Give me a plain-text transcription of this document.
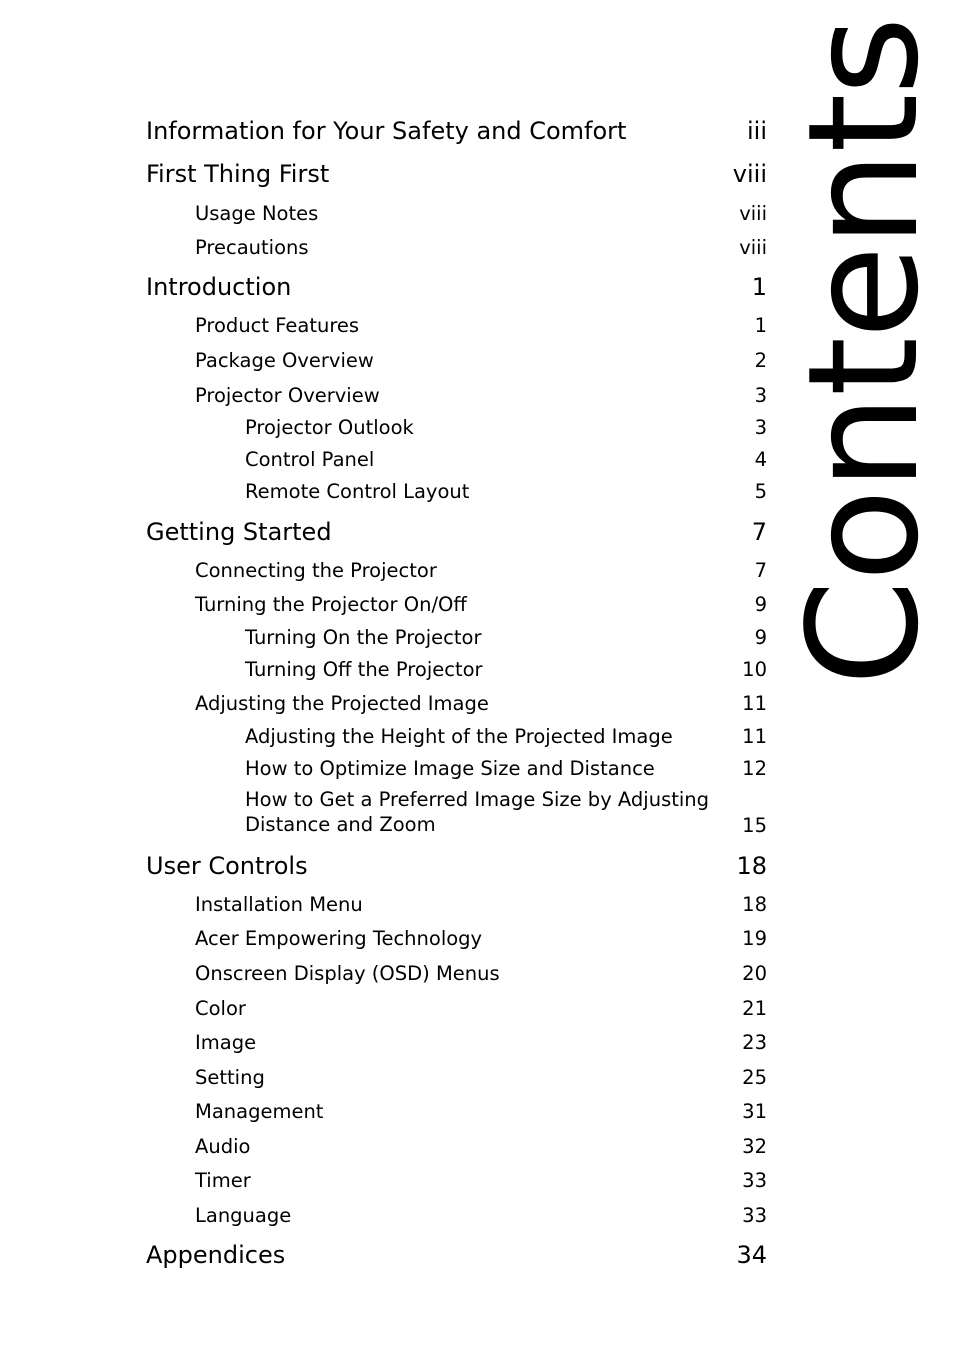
Information for Your Safety and Comfort	iii
First Thing First	viii
Usage Notes	viii
Precautions	viii
Introduction	1
Product Features	1
Package Overview	2
Projector Overview	3
Projector Outlook	3
Control Panel	4
Remote Control Layout	5
Getting Started	7
Connecting the Projector	7
Turning the Projector On/Off	9
Turning On the Projector	9
Turning Off the Projector	10
Adjusting the Projected Image	11
Adjusting the Height of the Projected Image	11
How to Optimize Image Size and Distance	12
How to Get a Preferred Image Size by Adjusting Distance and Zoom	15
User Controls	18
Installation Menu	18
Acer Empowering Technology	19
Onscreen Display (OSD) Menus	20
Color	21
Image	23
Setting	25
Management	31
Audio	32
Timer	33
Language	33
Appendices	34
Contents
